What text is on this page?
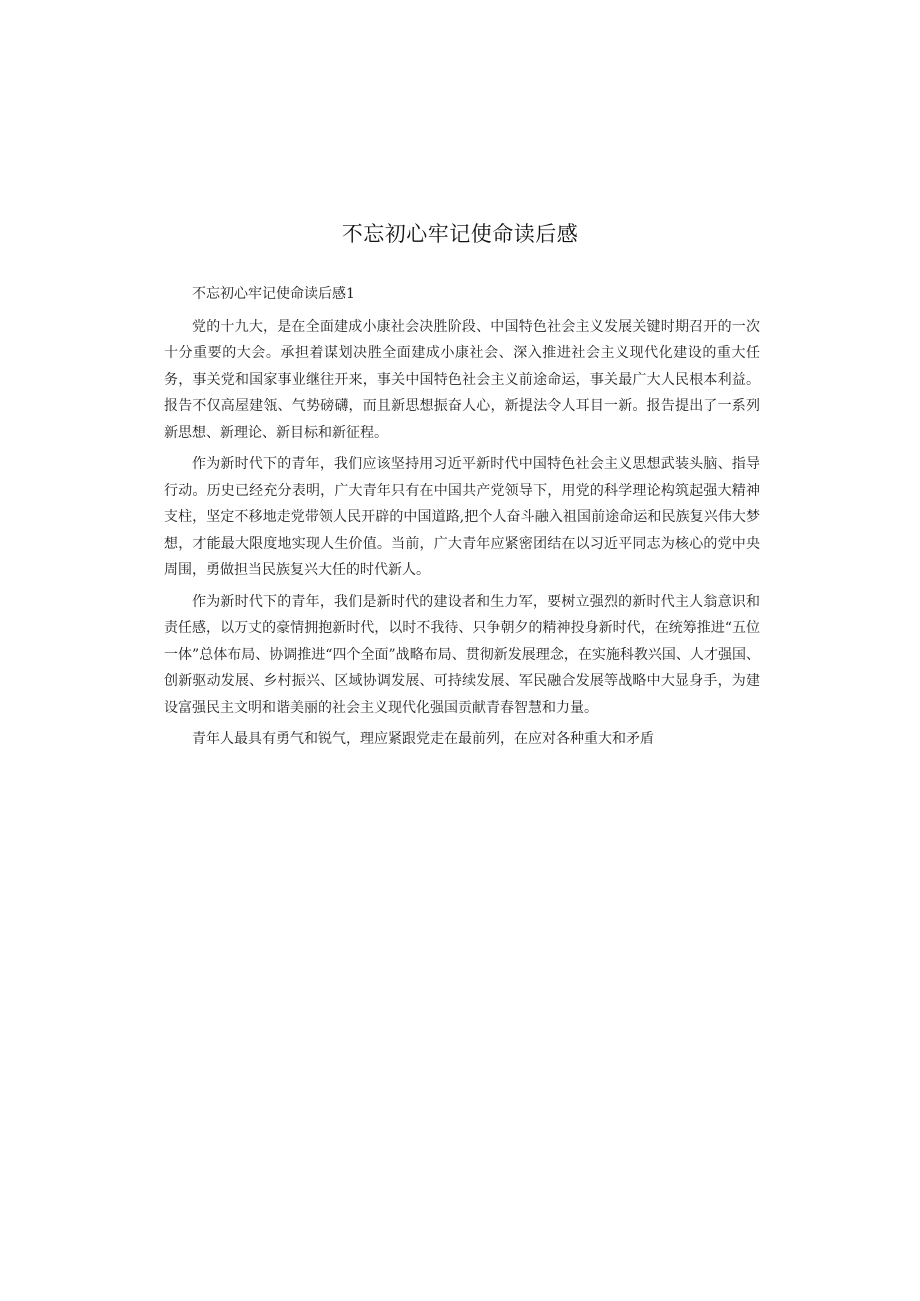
不忘初心牢记使命读后感

不忘初心牢记使命读后感1

党的十九大，是在全面建成小康社会决胜阶段、中国特色社会主义发展关键时期召开的一次十分重要的大会。承担着谋划决胜全面建成小康社会、深入推进社会主义现代化建设的重大任务，事关党和国家事业继往开来，事关中国特色社会主义前途命运，事关最广大人民根本利益。报告不仅高屋建瓴、气势磅礴，而且新思想振奋人心，新提法令人耳目一新。报告提出了一系列新思想、新理论、新目标和新征程。

作为新时代下的青年，我们应该坚持用习近平新时代中国特色社会主义思想武装头脑、指导行动。历史已经充分表明，广大青年只有在中国共产党领导下，用党的科学理论构筑起强大精神支柱，坚定不移地走党带领人民开辟的中国道路,把个人奋斗融入祖国前途命运和民族复兴伟大梦想，才能最大限度地实现人生价值。当前，广大青年应紧密团结在以习近平同志为核心的党中央周围，勇做担当民族复兴大任的时代新人。

作为新时代下的青年，我们是新时代的建设者和生力军，要树立强烈的新时代主人翁意识和责任感，以万丈的豪情拥抱新时代，以时不我待、只争朝夕的精神投身新时代，在统筹推进“五位一体”总体布局、协调推进“四个全面”战略布局、贯彻新发展理念，在实施科教兴国、人才强国、创新驱动发展、乡村振兴、区域协调发展、可持续发展、军民融合发展等战略中大显身手，为建设富强民主文明和谐美丽的社会主义现代化强国贡献青春智慧和力量。

青年人最具有勇气和锐气，理应紧跟党走在最前列，在应对各种重大和矛盾
